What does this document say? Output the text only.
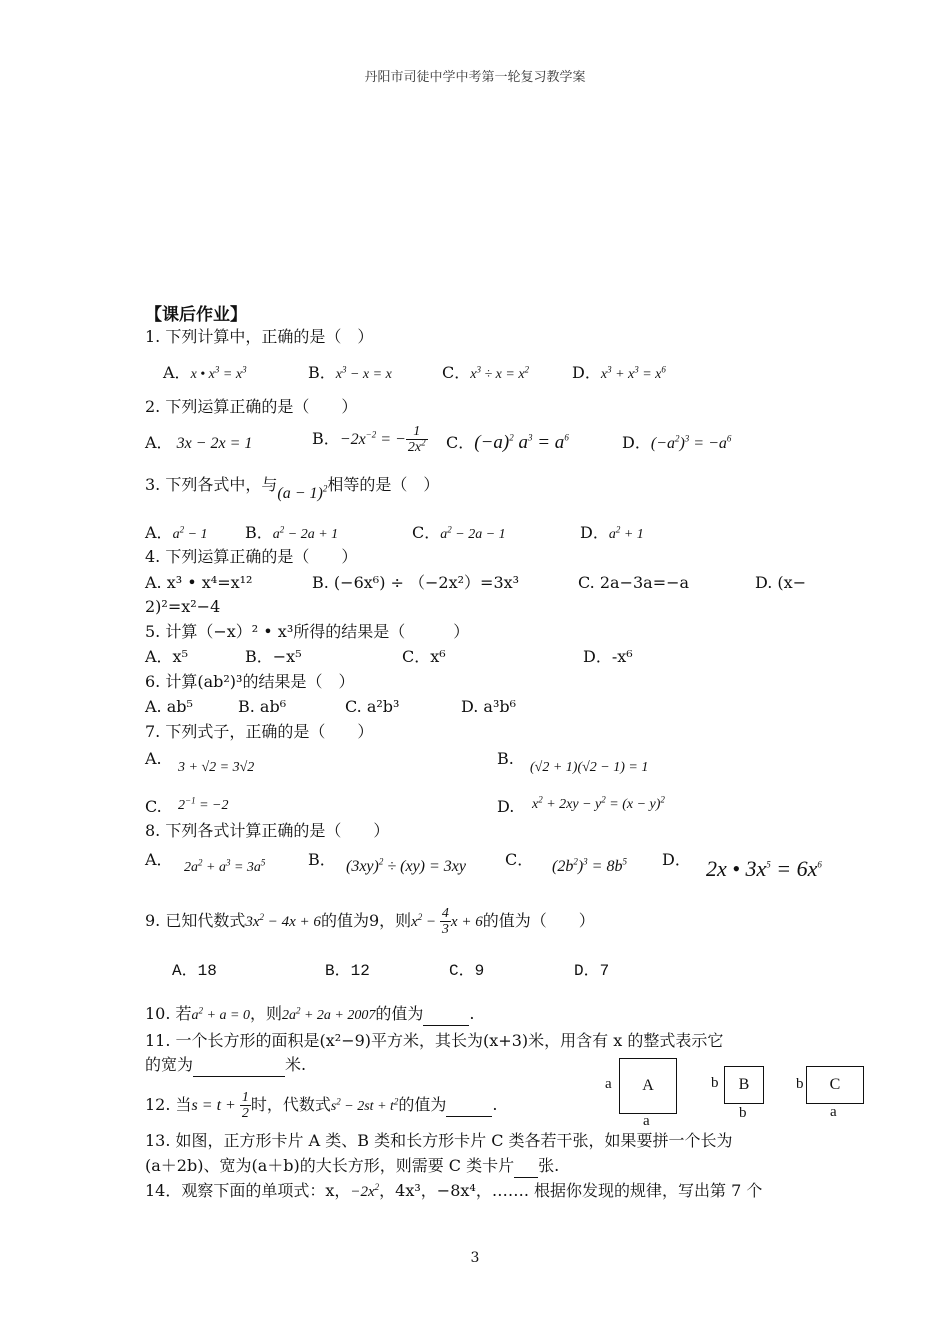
丹阳市司徒中学中考第一轮复习教学案
【课后作业】
1. 下列计算中，正确的是（　）
A．x • $x^3 = x^3$	B．$x^3 - x = x$	C．$x^3 \div x = x^2$	D．$x^3 + x^3 = x^6$
2. 下列运算正确的是（　　）
A． 3x − 2x = 1	B．$-2x^{-2}$ = − $\frac{1}{2x^2}$ C．$(-a)^2$ $a^3 = a^6$	D．$(-a^2)^3 = -a^6$
3. 下列各式中，与$(a - 1)^2$相等的是（　）
A．$a^2 - 1$ B．$a^2 - 2a + 1$	C．$a^2 - 2a - 1$	D．$a^2 + 1$
4. 下列运算正确的是（　　）
A. x³ • x⁴=x¹²	B. (−6x⁶) ÷ （−2x²）=3x³	C. 2a−3a=−a	D. (x−
2)²=x²−4
5. 计算（−x）² • x³所得的结果是（　　　）
A．x⁵	B．−x⁵	C．x⁶	D．-x⁶
6. 计算(ab²)³的结果是（　）
A. ab⁵	B. ab⁶	C. a²b³	D. a³b⁶
7. 下列式子，正确的是（　　）
A. 3 + √2 = 3√2	B. (√2 + 1)(√2 − 1) = 1
C. $2^{-1} = -2$	D. $x^2 + 2xy - y^2 = (x - y)^2$
8. 下列各式计算正确的是（　　）
A． $2a^2 + a^3 = 3a^5$	B． $(3xy)^2 \div (xy) = 3xy$ C． $(2b^2)^3 = 8b^5$ D． 2x • $3x^5 = 6x^6$
9. 已知代数式$3x^2 - 4x + 6$的值为9，则$x^2 - \frac{4}{3}$ x + 6的值为（　　）
A．18	B．12	C．9	D．7
10. 若$a^2 + a = 0$，则$2a^2 + 2a + 2007$的值为	.
11. 一个长方形的面积是(x²−9)平方米，其长为(x+3)米，用含有 x 的整式表示它
的宽为	米.
12. 当$s = t + \frac{1}{2}$ 时，代数式$s^2 - 2st + t^2$的值为	.
A
a
a
B
b
b
C
b
a
13. 如图，正方形卡片 A 类、B 类和长方形卡片 C 类各若干张，如果要拼一个长为
(a＋2b)、宽为(a＋b)的大长方形，则需要 C 类卡片 张.
14．观察下面的单项式：x，$-2x^2$，4x³，−8x⁴，……. 根据你发现的规律，写出第 7 个
3
